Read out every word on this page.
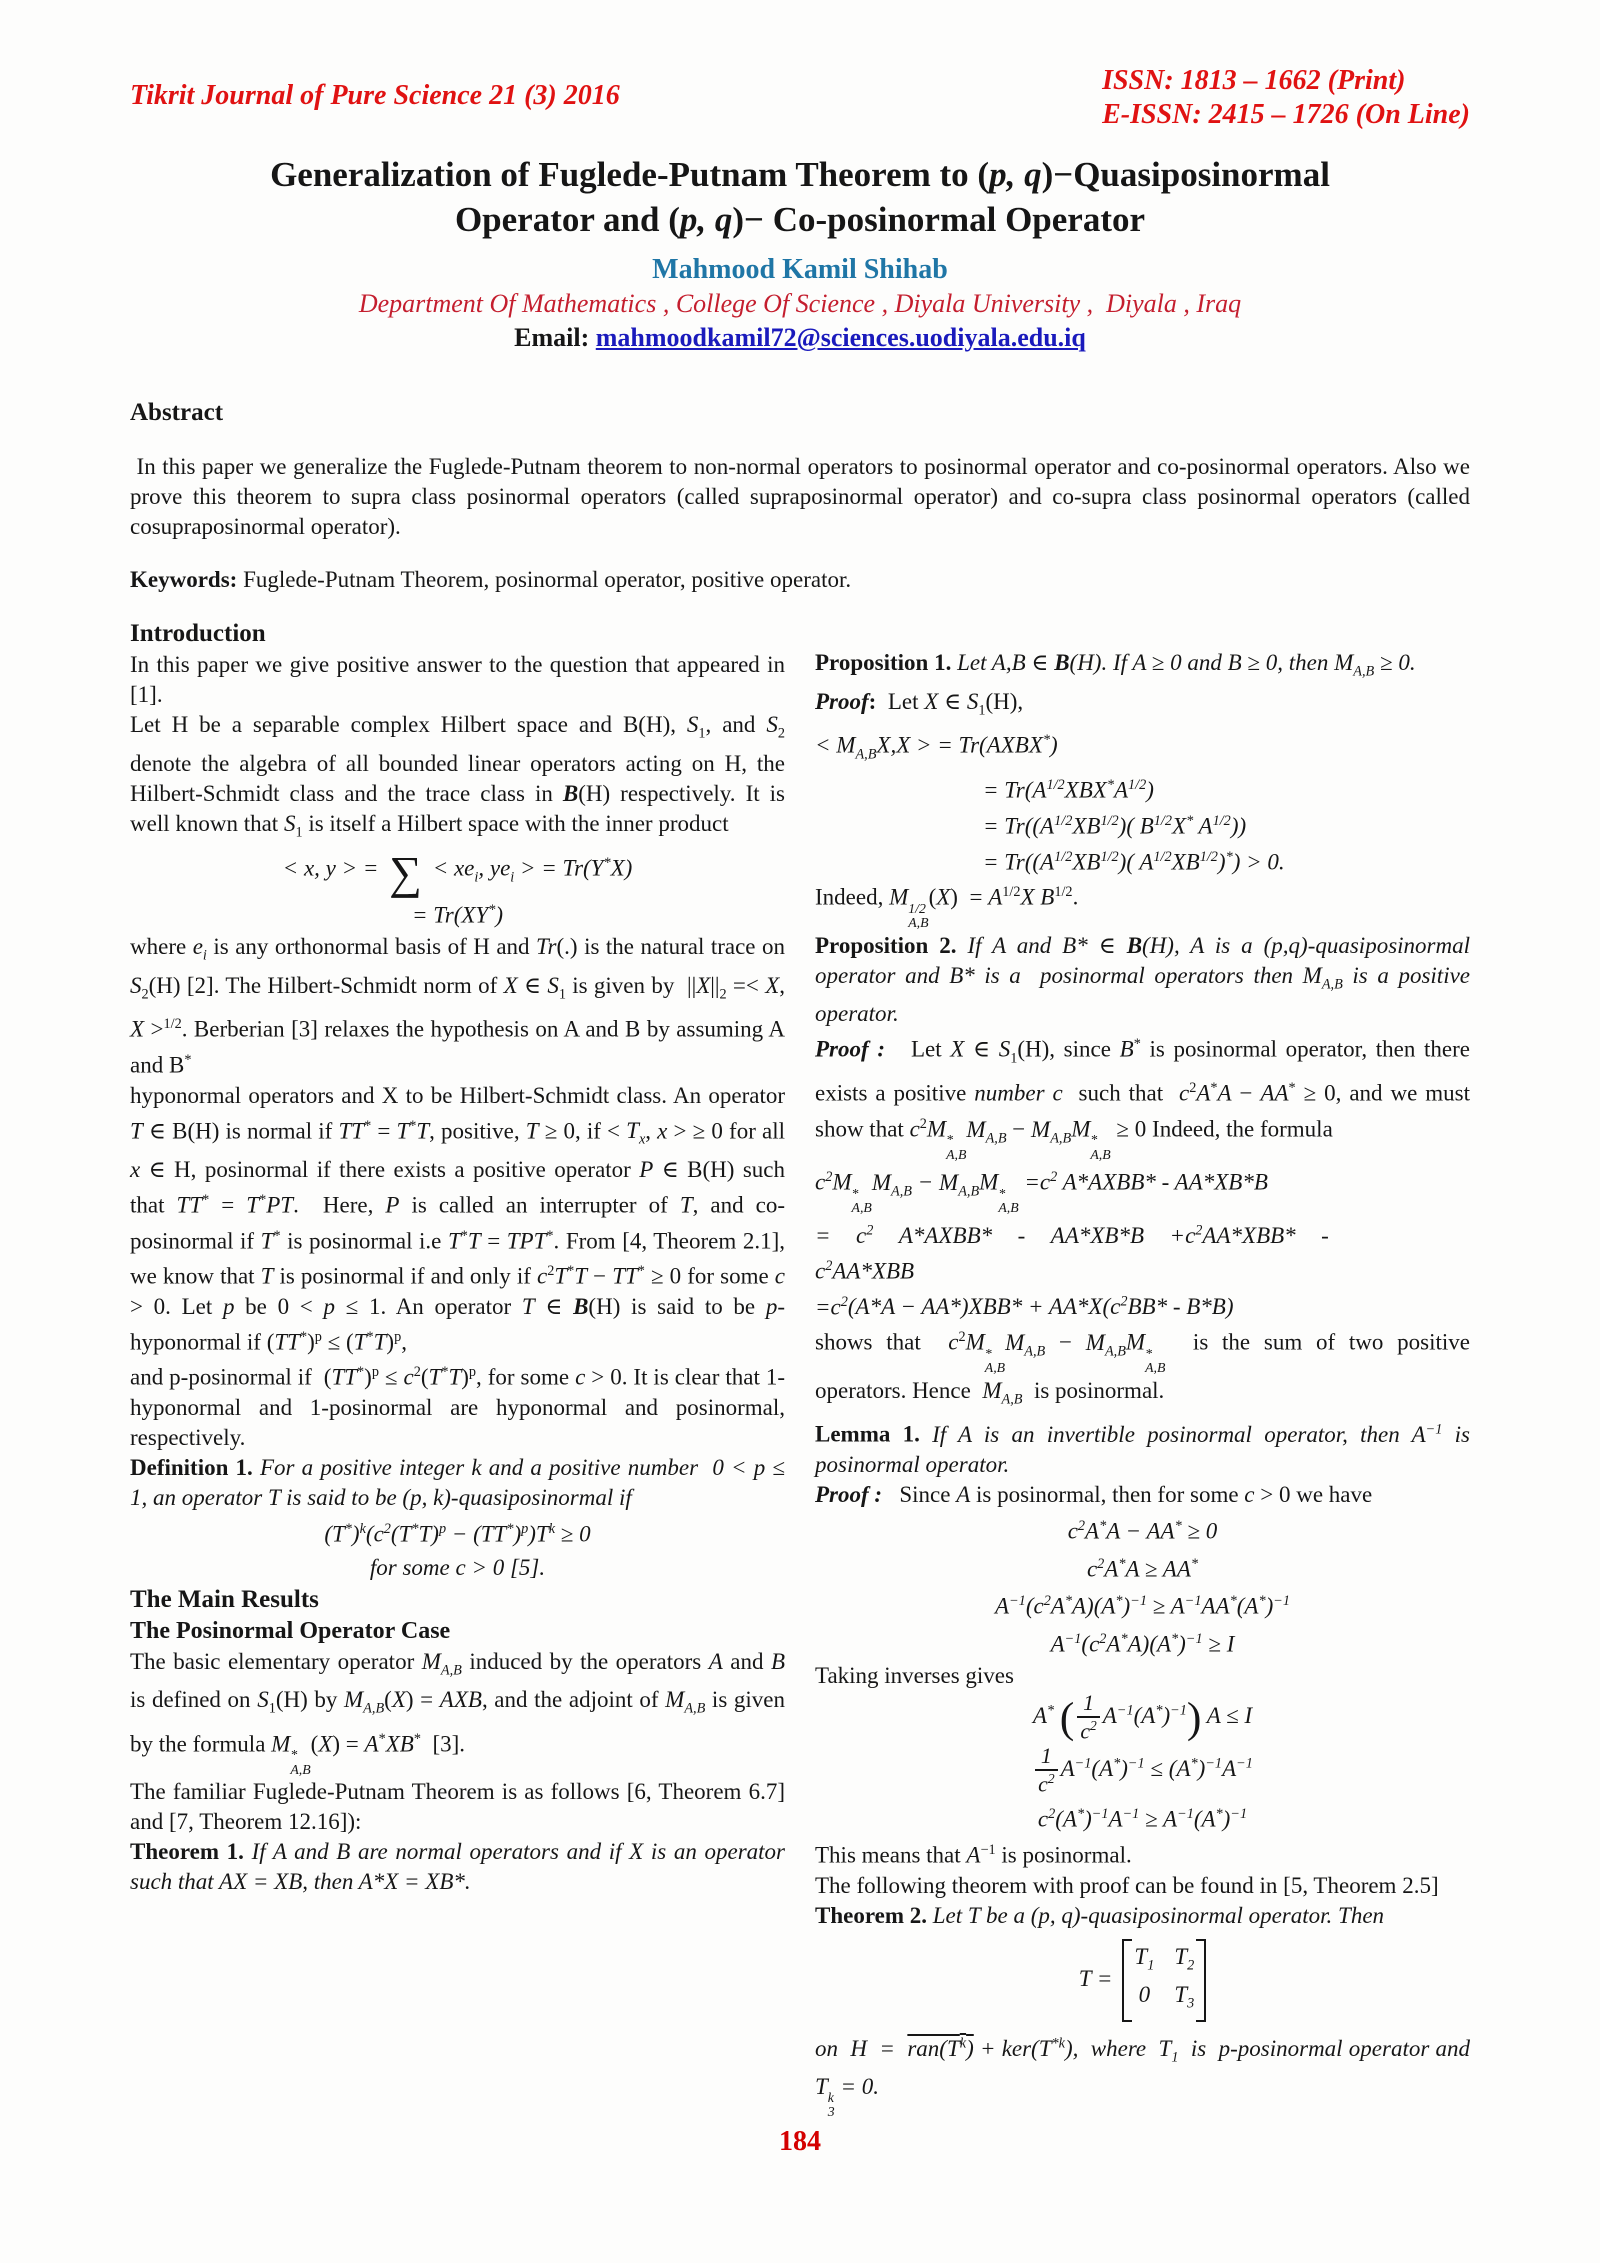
Tikrit Journal of Pure Science 21 (3) 2016	ISSN: 1813 – 1662 (Print)
E-ISSN: 2415 – 1726 (On Line)
Generalization of Fuglede-Putnam Theorem to (p, q)−Quasiposinormal
Operator and (p, q)− Co-posinormal Operator
Mahmood Kamil Shihab
Department Of Mathematics , College Of Science , Diyala University ,  Diyala , Iraq
Email: mahmoodkamil72@sciences.uodiyala.edu.iq
Abstract

In this paper we generalize the Fuglede-Putnam theorem to non-normal operators to posinormal operator and co-posinormal operators. Also we prove this theorem to supra class posinormal operators (called supraposinormal operator) and co-supra class posinormal operators (called cosupraposinormal operator).

Keywords: Fuglede-Putnam Theorem, posinormal operator, positive operator.

Introduction

In this paper we give positive answer to the question that appeared in [1].

Let H be a separable complex Hilbert space and B(H), $S_1$, and $S_2$ denote the algebra of all bounded linear operators acting on H, the Hilbert-Schmidt class and the trace class in B(H) respectively. It is well known that $S_1$ is itself a Hilbert space with the inner product

< x, y > = ∑ < $xe_i$, $ye_i$ > = Tr(Y*X)
= Tr(XY*)

where $e_i$ is any orthonormal basis of H and Tr(.) is the natural trace on $S_2(H)$ [2]. The Hilbert-Schmidt norm of X ∈ $S_1$ is given by  $||X||_2 =< X$, X >$^{1/2}$. Berberian [3] relaxes the hypothesis on A and B by assuming A and B*

hyponormal operators and X to be Hilbert-Schmidt class. An operator T ∈ B(H) is normal if TT* = T*T, positive, T ≥ 0, if < $T_x$, x > ≥ 0 for all x ∈ H, posinormal if there exists a positive operator P ∈ B(H) such that TT* = T*PT.  Here, P is called an interrupter of T, and co-posinormal if T* is posinormal i.e T*T = TPT*. From [4, Theorem 2.1], we know that T is posinormal if and only if $c^2T^*T - TT^* \ge 0$ for some c > 0. Let p be 0 < p ≤ 1. An operator T ∈ B(H) is said to be p-hyponormal if $(TT^*)^p \le (T^*T)^p$,

and p-posinormal if  $(TT^*)^p \le c^2(T^*T)^p$, for some c > 0. It is clear that 1-hyponormal and 1-posinormal are hyponormal and posinormal, respectively.

Definition 1. For a positive integer k and a positive number  0 < p ≤ 1, an operator T is said to be (p, k)-quasiposinormal if

$(T^*)^k(c^2(T^*T)^p - (TT^*)^p)T^k \ge 0$
for some c > 0 [5].
The Main Results
The Posinormal Operator Case

The basic elementary operator $M_{A,B}$ induced by the operators A and B is defined on $S_1(H)$ by $M_{A,B}(X)$ = AXB, and the adjoint of $M_{A,B}$ is given by the formula M *
A,B
(X) = A*XB*  [3].

The familiar Fuglede-Putnam Theorem is as follows [6, Theorem 6.7] and [7, Theorem 12.16]):

Theorem 1. If A and B are normal operators and if X is an operator such that AX = XB, then A*X = XB*.

Proposition 1. Let A,B ∈ B(H). If A ≥ 0 and B ≥ 0, then $M_{A,B} \ge 0$.

Proof:  Let X ∈ $S_1(H)$,

< $M_{A,B}X,X$ > = Tr(AXBX*)
= $Tr(A^{1/2}XBX^*A^{1/2})$
= $Tr((A^{1/2}XB^{1/2})$( $B^{1/2}X^*$ $A^{1/2}$))
= $Tr((A^{1/2}XB^{1/2})$( $A^{1/2}XB^{1/2})^*) > 0$.

Indeed, M 1/2
A,B
$(X) = A^{1/2}X$ $B^{1/2}$.

Proposition 2. If A and B* ∈ B(H), A is a (p,q)-quasiposinormal operator and B* is a  posinormal operators then $M_{A,B}$ is a positive operator.

Proof :   Let X ∈ $S_1(H)$, since B* is posinormal operator, then there exists a positive number c  such that  $c^2A^*A - AA^* \ge 0$, and we must show that $c^2M$ *
A,B
$M_{A,B} - M_{A,B}M$ *
A,B
≥ 0 Indeed, the formula

$c^2M$ *
A,B
$M_{A,B} - M_{A,B}M$ *
A,B
$=c^2$ A*AXBB* - AA*XB*B
=  $c^2$ A*AXBB*  -  $AA*XB*B +c^2AA*XBB*$  -
$c^2AA*XBB$
$=c^2(A*A - AA*)XBB* + AA*X(c^2BB* - B*B)$

shows that  $c^2M$ *
A,B
$M_{A,B} - M_{A,B}M$ *
A,B
is the sum of two positive operators. Hence  $M_{A,B}$  is posinormal.

Lemma 1. If A is an invertible posinormal operator, then $A^{-1}$ is posinormal operator.

Proof :   Since A is posinormal, then for some c > 0 we have

$c^2A^*A - AA^* \ge 0$
$c^2A^*A \ge AA^*$
$A^{-1}(c^2A^*A)(A^*)^{-1} \ge A^{-1}AA^*(A^*)^{-1}$
$A^{-1}(c^2A^*A)(A^*)^{-1} \ge I$

Taking inverses gives

A* ( $\frac{1}{c^2} A^{-1}(A^*)^{-1}$) A ≤ I
$\frac{1}{c^2} A^{-1}(A^*)^{-1} \le (A^*)^{-1}A^{-1}$
$c^2(A^*)^{-1}A^{-1} \ge A^{-1}(A^*)^{-1}$

This means that $A^{-1}$ is posinormal.

The following theorem with proof can be found in [5, Theorem 2.5]

Theorem 2. Let T be a (p, q)-quasiposinormal operator. Then

T =
$T_1$ $T_2$
0 $T_3$

on  $H = ran(T^k) + ker(T^{*k})$,  where  $T_1$  is  p-posinormal operator and T k
3
= 0.

184
